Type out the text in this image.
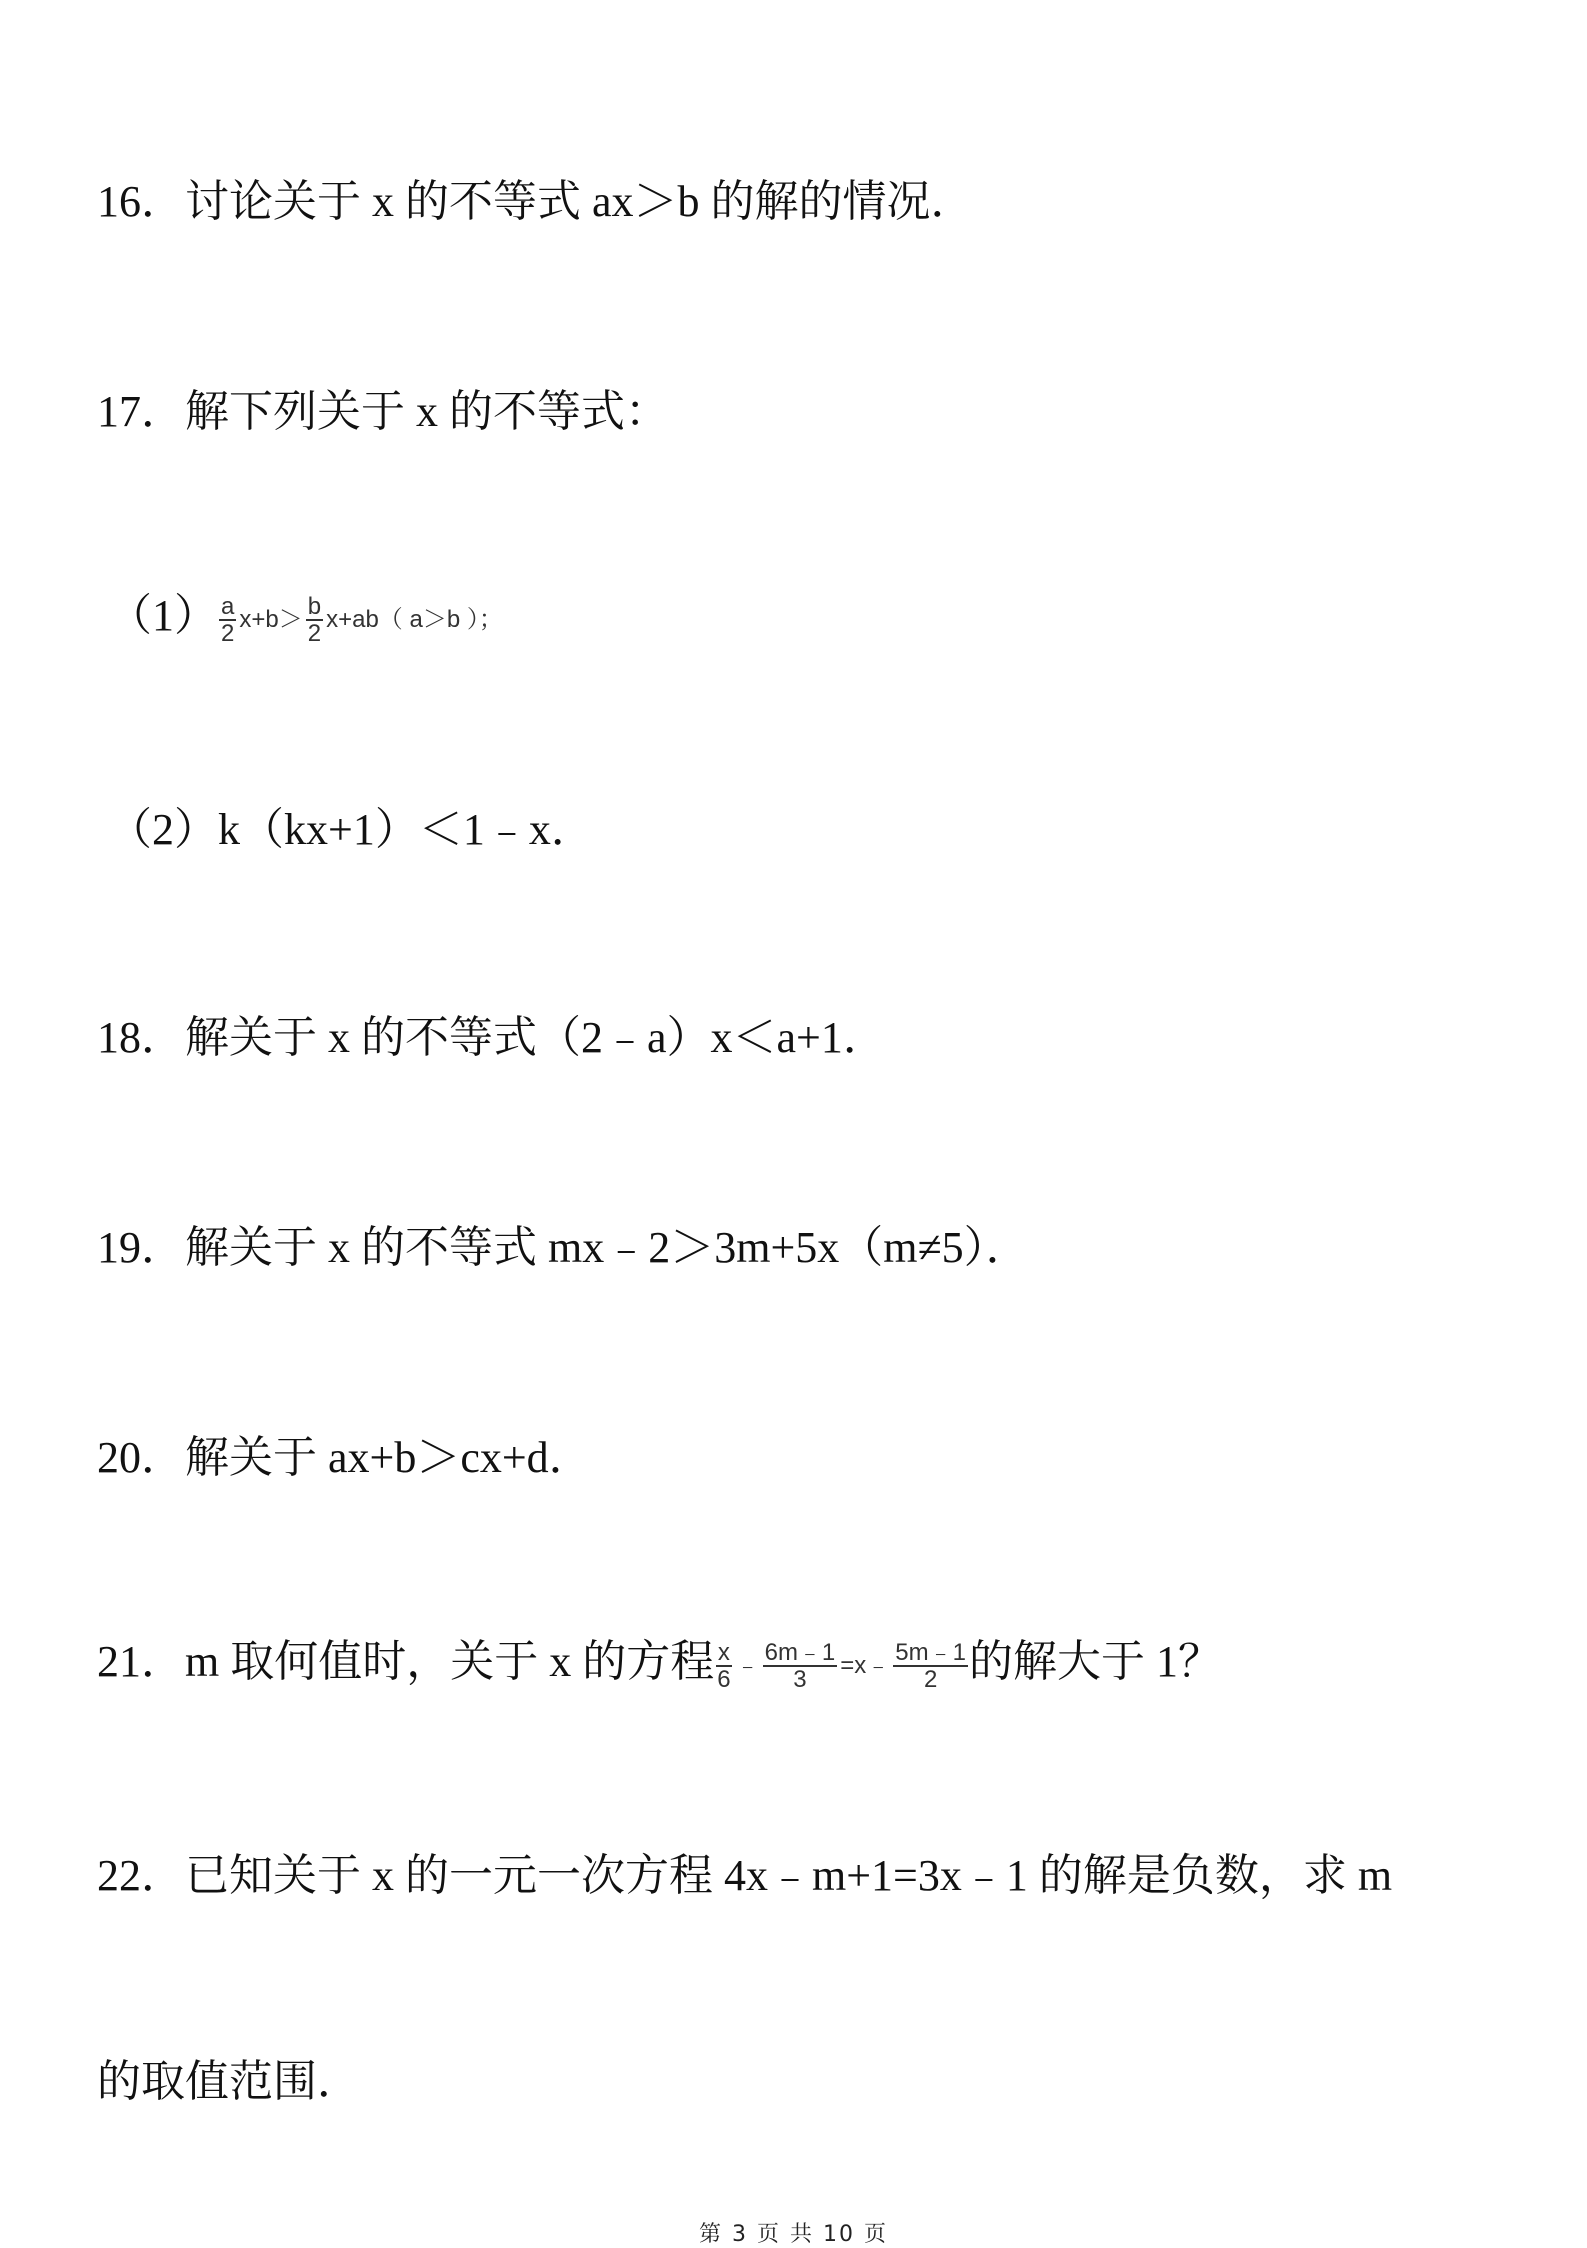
16．讨论关于 x 的不等式 ax＞b 的解的情况．
17．解下列关于 x 的不等式：
$(1) \frac{a}{2} x+b> \frac{b}{2} x+ab$（ a＞b ）；
（2）k（kx+1）＜1﹣x．
18．解关于 x 的不等式（2﹣a）x＜a+1．
19．解关于 x 的不等式 mx﹣2＞3m+5x（m≠5）．
20．解关于 ax+b＞cx+d．
21．m 取何值时，关于 x 的方程 $\frac{x}{6}$ ﹣ $\frac{6m﹣1}{3}$ =x﹣ $\frac{5m﹣1}{2}$ 的解大于 1？
22．已知关于 x 的一元一次方程 4x﹣m+1=3x﹣1 的解是负数，求 m
的取值范围．
第 3 页 共 10 页
